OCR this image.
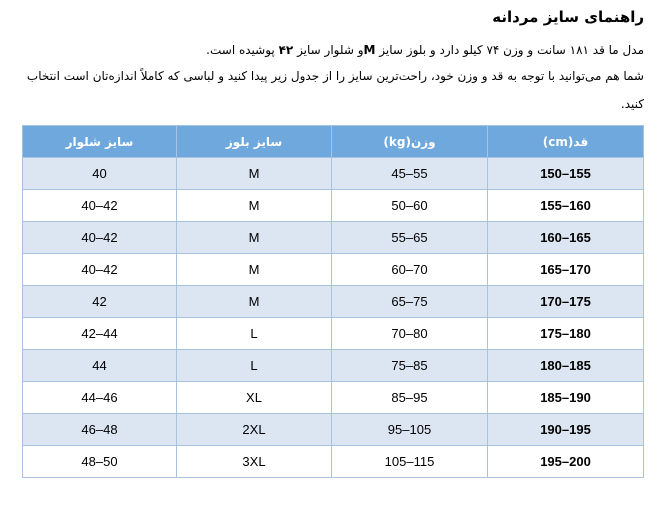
راهنمای سایز مردانه
مدل ما قد ۱۸۱ سانت و وزن ۷۴ کیلو دارد و بلوز سایز Mو شلوار سایز ۴۲ پوشیده است.
شما هم می‌توانید با توجه به قد و وزن خود، راحت‌ترین سایز را از جدول زیر پیدا کنید و لباسی که کاملاً اندازه‌تان است انتخاب کنید.
قد(cm)	وزن(kg)	سایز بلوز	سایز شلوار
150–155	45–55	M	40
155–160	50–60	M	40–42
160–165	55–65	M	40–42
165–170	60–70	M	40–42
170–175	65–75	M	42
175–180	70–80	L	42–44
180–185	75–85	L	44
185–190	85–95	XL	44–46
190–195	95–105	2XL	46–48
195–200	105–115	3XL	48–50
